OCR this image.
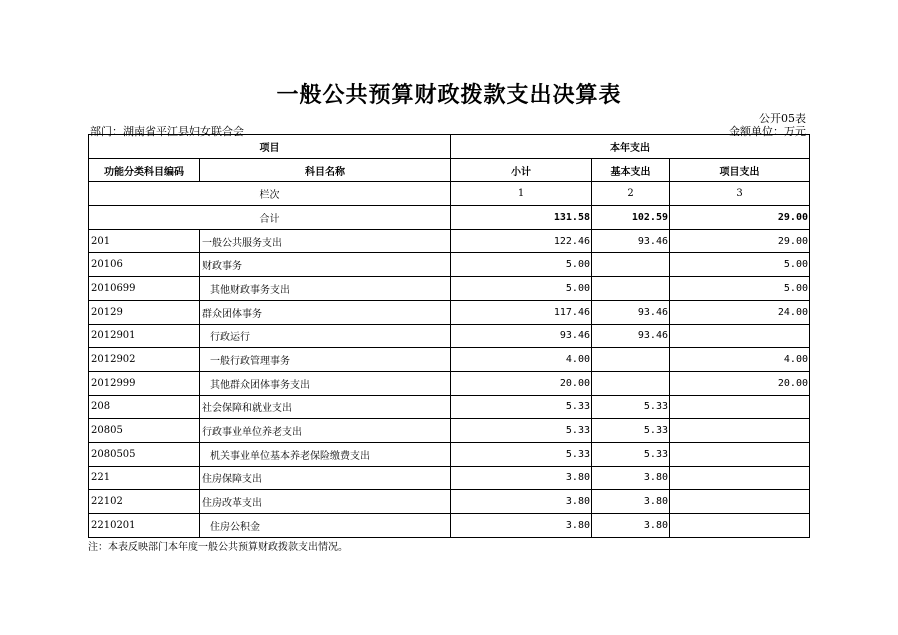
一般公共预算财政拨款支出决算表
公开05表
部门：湖南省平江县妇女联合会	金额单位：万元
项目		本年支出		
功能分类科目编码	科目名称	小计	基本支出	项目支出
栏次		1	2	3
合计		131.58	102.59	29.00
201	一般公共服务支出	122.46	93.46	29.00
20106	财政事务	5.00		5.00
2010699	其他财政事务支出	5.00		5.00
20129	群众团体事务	117.46	93.46	24.00
2012901	行政运行	93.46	93.46	
2012902	一般行政管理事务	4.00		4.00
2012999	其他群众团体事务支出	20.00		20.00
208	社会保障和就业支出	5.33	5.33	
20805	行政事业单位养老支出	5.33	5.33	
2080505	机关事业单位基本养老保险缴费支出	5.33	5.33	
221	住房保障支出	3.80	3.80	
22102	住房改革支出	3.80	3.80	
2210201	住房公积金	3.80	3.80	
注：本表反映部门本年度一般公共预算财政拨款支出情况。
